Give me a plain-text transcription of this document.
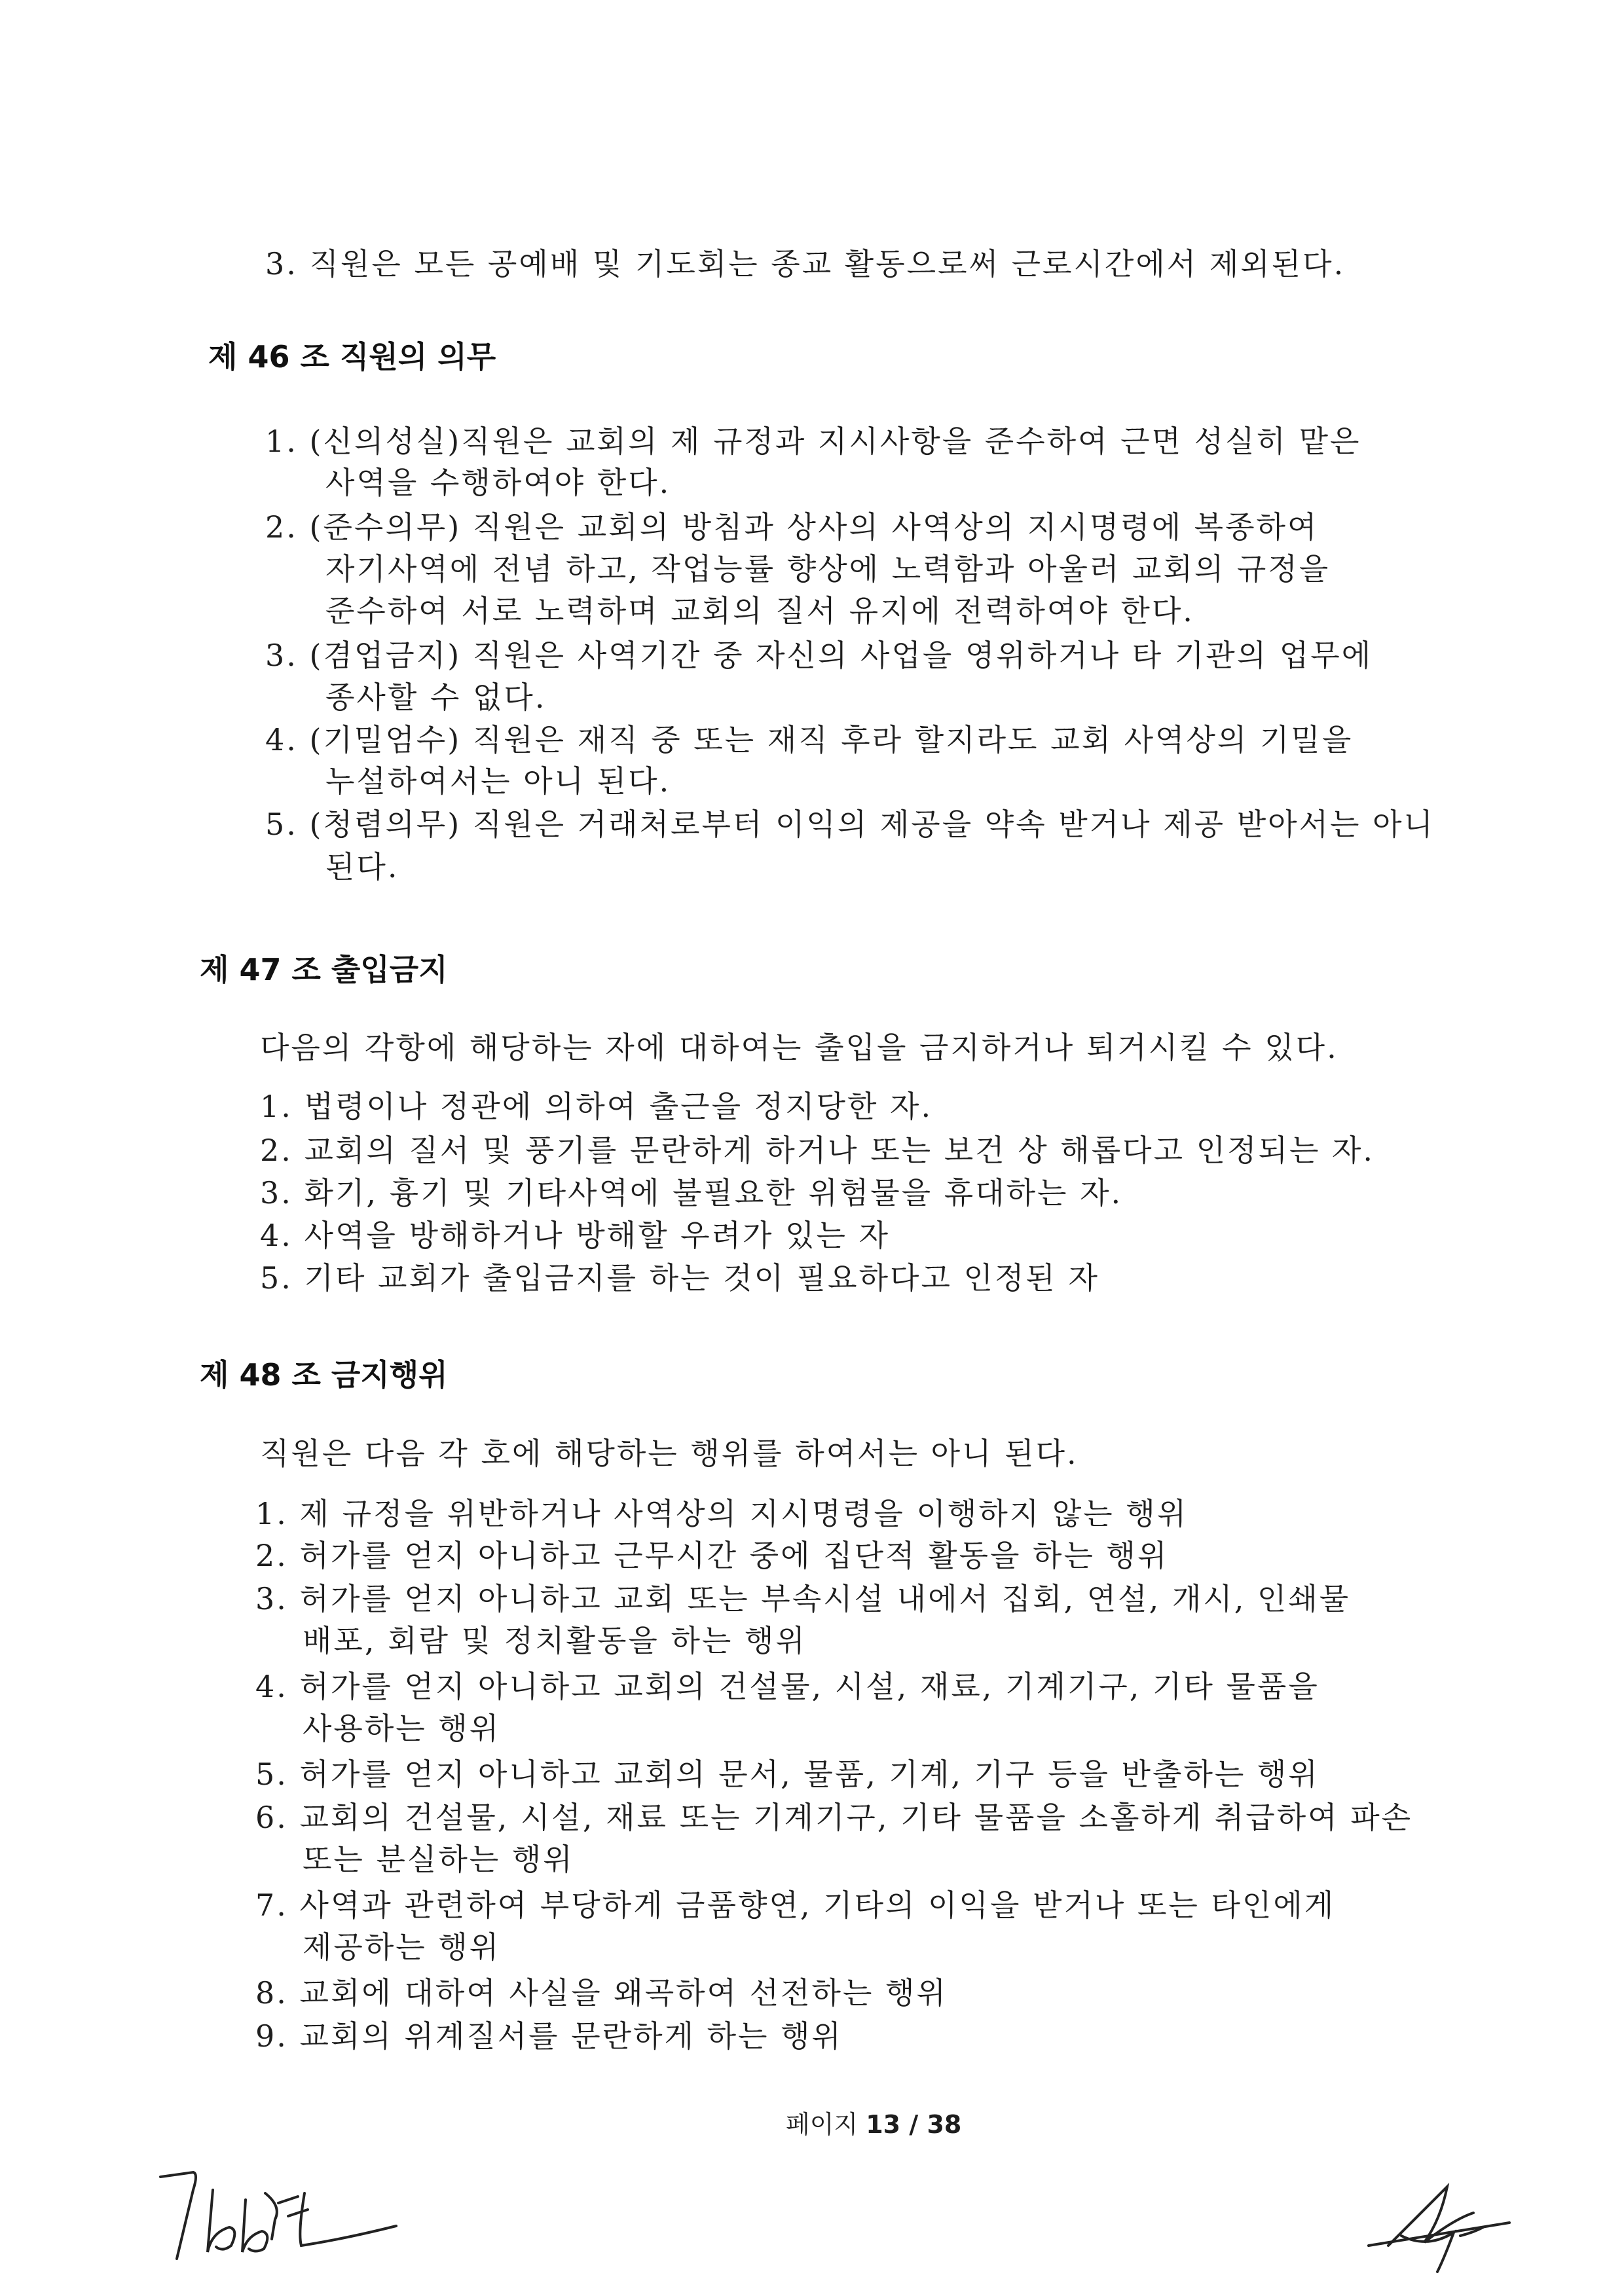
3. 직원은 모든 공예배 및 기도회는 종교 활동으로써 근로시간에서 제외된다.
제 46 조 직원의 의무
1. (신의성실)직원은 교회의 제 규정과 지시사항을 준수하여 근면 성실히 맡은
사역을 수행하여야 한다.
2. (준수의무) 직원은 교회의 방침과 상사의 사역상의 지시명령에 복종하여
자기사역에 전념 하고, 작업능률 향상에 노력함과 아울러 교회의 규정을
준수하여 서로 노력하며 교회의 질서 유지에 전력하여야 한다.
3. (겸업금지) 직원은 사역기간 중 자신의 사업을 영위하거나 타 기관의 업무에
종사할 수 없다.
4. (기밀엄수) 직원은 재직 중 또는 재직 후라 할지라도 교회 사역상의 기밀을
누설하여서는 아니 된다.
5. (청렴의무) 직원은 거래처로부터 이익의 제공을 약속 받거나 제공 받아서는 아니
된다.
제 47 조 출입금지
다음의 각항에 해당하는 자에 대하여는 출입을 금지하거나 퇴거시킬 수 있다.
1. 법령이나 정관에 의하여 출근을 정지당한 자.
2. 교회의 질서 및 풍기를 문란하게 하거나 또는 보건 상 해롭다고 인정되는 자.
3. 화기, 흉기 및 기타사역에 불필요한 위험물을 휴대하는 자.
4. 사역을 방해하거나 방해할 우려가 있는 자
5. 기타 교회가 출입금지를 하는 것이 필요하다고 인정된 자
제 48 조 금지행위
직원은 다음 각 호에 해당하는 행위를 하여서는 아니 된다.
1. 제 규정을 위반하거나 사역상의 지시명령을 이행하지 않는 행위
2. 허가를 얻지 아니하고 근무시간 중에 집단적 활동을 하는 행위
3. 허가를 얻지 아니하고 교회 또는 부속시설 내에서 집회, 연설, 개시, 인쇄물
배포, 회람 및 정치활동을 하는 행위
4. 허가를 얻지 아니하고 교회의 건설물, 시설, 재료, 기계기구, 기타 물품을
사용하는 행위
5. 허가를 얻지 아니하고 교회의 문서, 물품, 기계, 기구 등을 반출하는 행위
6. 교회의 건설물, 시설, 재료 또는 기계기구, 기타 물품을 소홀하게 취급하여 파손
또는 분실하는 행위
7. 사역과 관련하여 부당하게 금품향연, 기타의 이익을 받거나 또는 타인에게
제공하는 행위
8. 교회에 대하여 사실을 왜곡하여 선전하는 행위
9. 교회의 위계질서를 문란하게 하는 행위
페이지 13 / 38
